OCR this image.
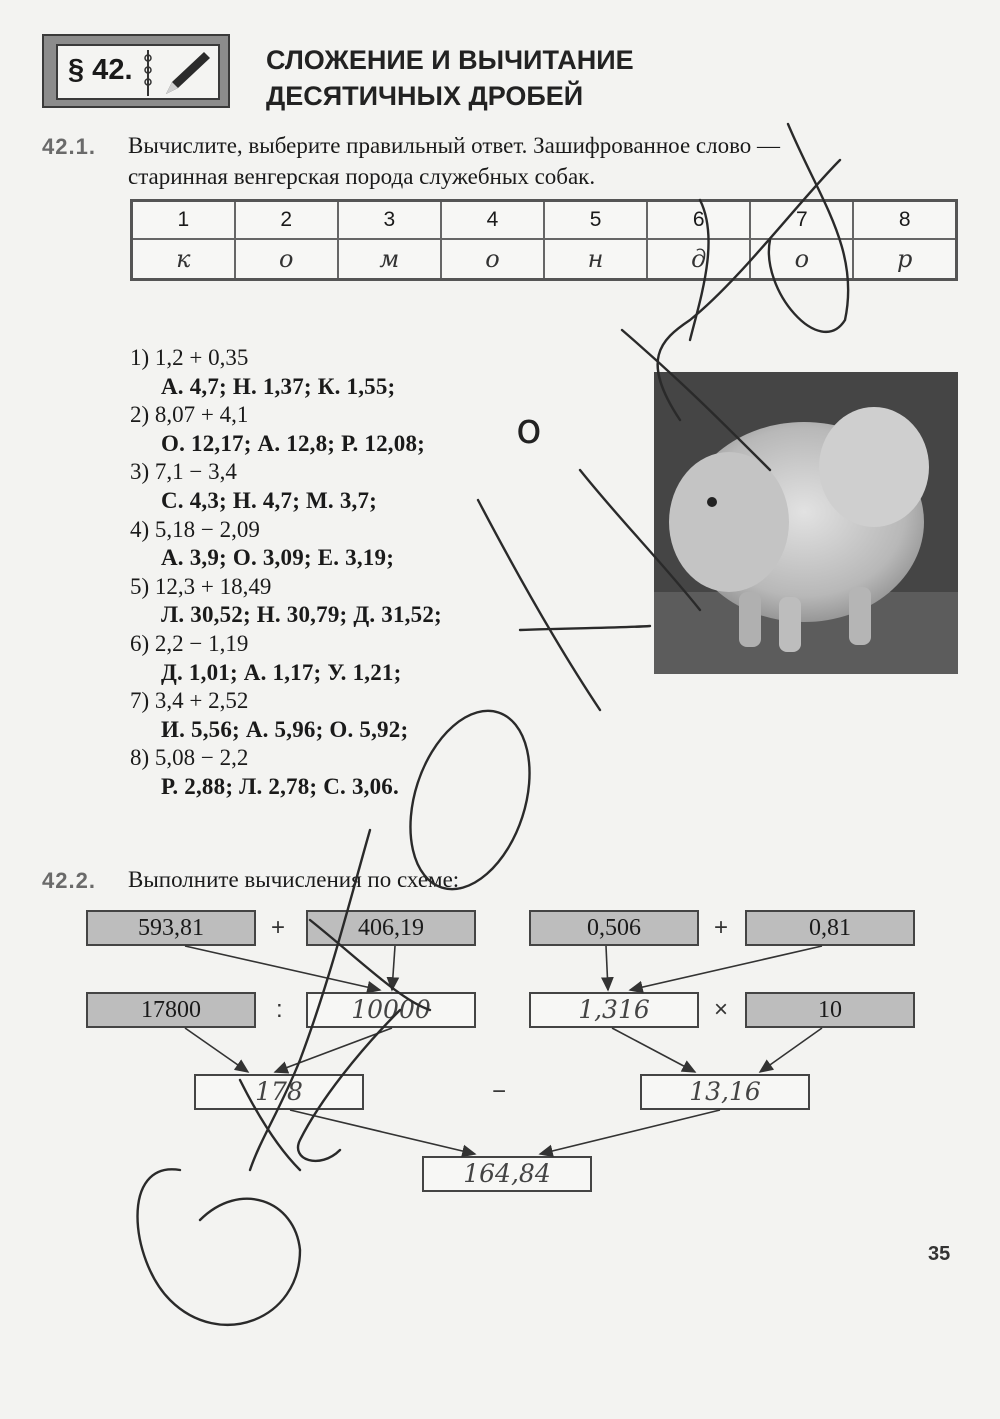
§ 42.	СЛОЖЕНИЕ И ВЫЧИТАНИЕ
ДЕСЯТИЧНЫХ ДРОБЕЙ
42.1. Вычислите, выберите правильный ответ. Зашифрованное слово —
старинная венгерская порода служебных собак.
1	2	3	4	5	6	7	8
к	о	м	о	н	д	о	р
1) 1,2 + 0,35
А. 4,7; Н. 1,37; К. 1,55;
2) 8,07 + 4,1
О. 12,17; А. 12,8; Р. 12,08;
3) 7,1 − 3,4
С. 4,3; Н. 4,7; М. 3,7;
4) 5,18 − 2,09
А. 3,9; О. 3,09; Е. 3,19;
5) 12,3 + 18,49
Л. 30,52; Н. 30,79; Д. 31,52;
6) 2,2 − 1,19
Д. 1,01; А. 1,17; У. 1,21;
7) 3,4 + 2,52
И. 5,56; А. 5,96; О. 5,92;
8) 5,08 − 2,2
Р. 2,88; Л. 2,78; С. 3,06.
о
42.2. Выполните вычисления по схеме:
593,81	+	406,19	0,506	+	0,81
17800	:	10000	1,316	×	10
178	−	13,16
164,84
35
